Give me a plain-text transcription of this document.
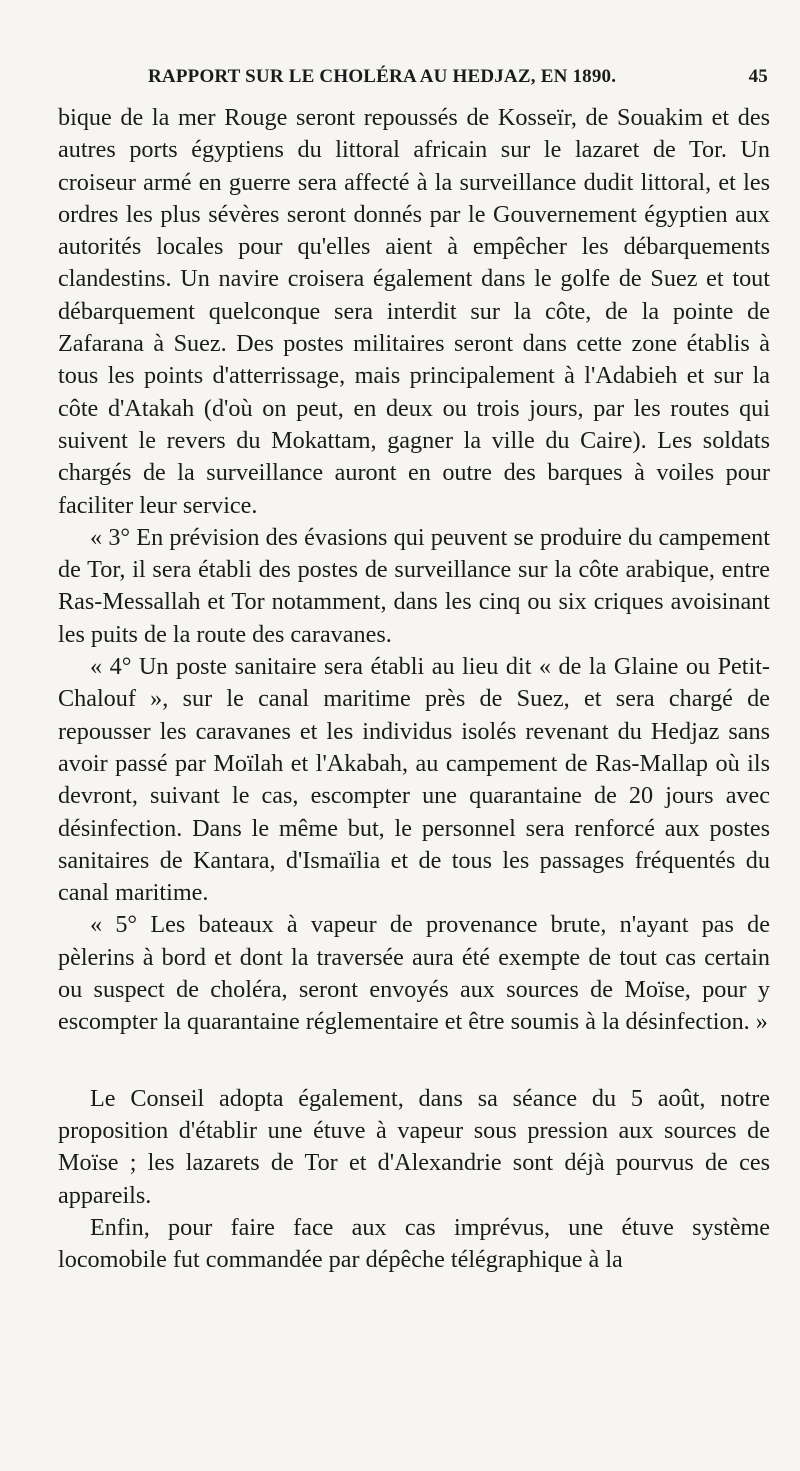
RAPPORT SUR LE CHOLÉRA AU HEDJAZ, EN 1890.	45

bique de la mer Rouge seront repoussés de Kosseïr, de Souakim et des autres ports égyptiens du littoral africain sur le lazaret de Tor. Un croiseur armé en guerre sera affecté à la surveillance dudit littoral, et les ordres les plus sévères seront donnés par le Gouvernement égyptien aux autorités locales pour qu'elles aient à empêcher les débarquements clandestins. Un navire croisera également dans le golfe de Suez et tout débarquement quelconque sera interdit sur la côte, de la pointe de Zafarana à Suez. Des postes militaires seront dans cette zone établis à tous les points d'atterrissage, mais principalement à l'Adabieh et sur la côte d'Atakah (d'où on peut, en deux ou trois jours, par les routes qui suivent le revers du Mokattam, gagner la ville du Caire). Les soldats chargés de la surveillance auront en outre des barques à voiles pour faciliter leur service.

« 3° En prévision des évasions qui peuvent se produire du campement de Tor, il sera établi des postes de surveillance sur la côte arabique, entre Ras-Messallah et Tor notamment, dans les cinq ou six criques avoisinant les puits de la route des caravanes.

« 4° Un poste sanitaire sera établi au lieu dit « de la Glaine ou Petit-Chalouf », sur le canal maritime près de Suez, et sera chargé de repousser les caravanes et les individus isolés revenant du Hedjaz sans avoir passé par Moïlah et l'Akabah, au campement de Ras-Mallap où ils devront, suivant le cas, escompter une quarantaine de 20 jours avec désinfection. Dans le même but, le personnel sera renforcé aux postes sanitaires de Kantara, d'Ismaïlia et de tous les passages fréquentés du canal maritime.

« 5° Les bateaux à vapeur de provenance brute, n'ayant pas de pèlerins à bord et dont la traversée aura été exempte de tout cas certain ou suspect de choléra, seront envoyés aux sources de Moïse, pour y escompter la quarantaine réglementaire et être soumis à la désinfection. »

Le Conseil adopta également, dans sa séance du 5 août, notre proposition d'établir une étuve à vapeur sous pression aux sources de Moïse ; les lazarets de Tor et d'Alexandrie sont déjà pourvus de ces appareils.

Enfin, pour faire face aux cas imprévus, une étuve système locomobile fut commandée par dépêche télégraphique à la
